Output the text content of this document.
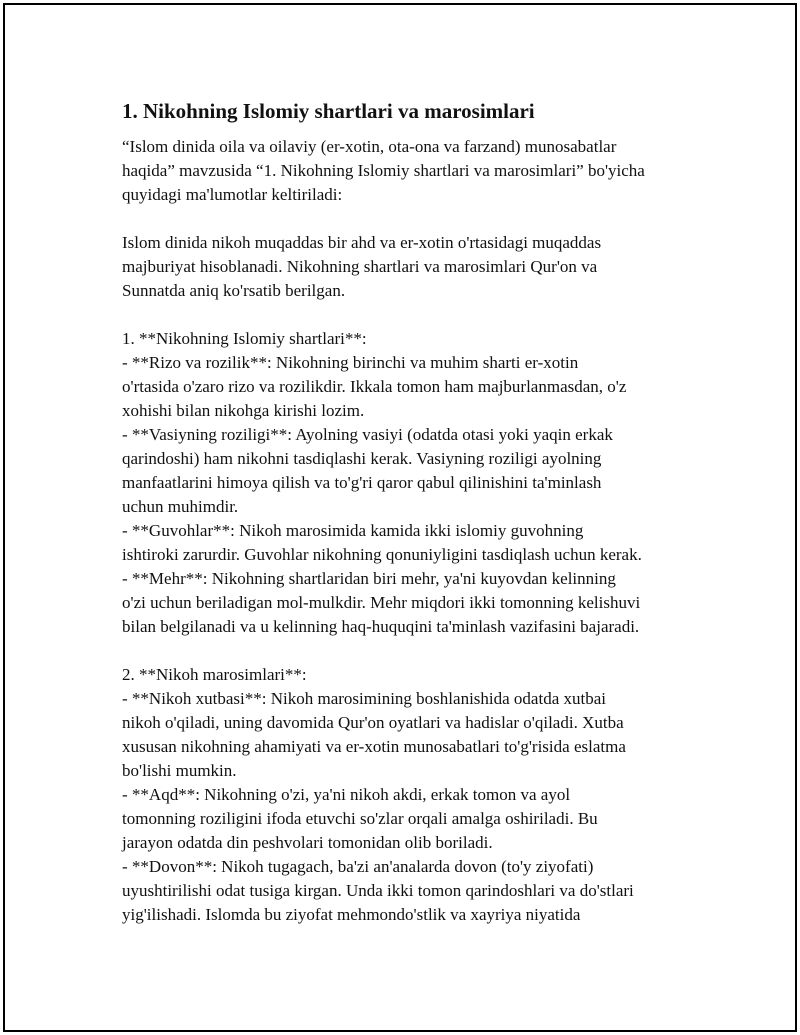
1. Nikohning Islomiy shartlari va marosimlari

“Islom dinida oila va oilaviy (er-xotin, ota-ona va farzand) munosabatlar
haqida” mavzusida “1. Nikohning Islomiy shartlari va marosimlari” bo'yicha
quyidagi ma'lumotlar keltiriladi:

Islom dinida nikoh muqaddas bir ahd va er-xotin o'rtasidagi muqaddas
majburiyat hisoblanadi. Nikohning shartlari va marosimlari Qur'on va
Sunnatda aniq ko'rsatib berilgan.

1. **Nikohning Islomiy shartlari**:
- **Rizo va rozilik**: Nikohning birinchi va muhim sharti er-xotin
o'rtasida o'zaro rizo va rozilikdir. Ikkala tomon ham majburlanmasdan, o'z
xohishi bilan nikohga kirishi lozim.
- **Vasiyning roziligi**: Ayolning vasiyi (odatda otasi yoki yaqin erkak
qarindoshi) ham nikohni tasdiqlashi kerak. Vasiyning roziligi ayolning
manfaatlarini himoya qilish va to'g'ri qaror qabul qilinishini ta'minlash
uchun muhimdir.
- **Guvohlar**: Nikoh marosimida kamida ikki islomiy guvohning
ishtiroki zarurdir. Guvohlar nikohning qonuniyligini tasdiqlash uchun kerak.
- **Mehr**: Nikohning shartlaridan biri mehr, ya'ni kuyovdan kelinning
o'zi uchun beriladigan mol-mulkdir. Mehr miqdori ikki tomonning kelishuvi
bilan belgilanadi va u kelinning haq-huquqini ta'minlash vazifasini bajaradi.

2. **Nikoh marosimlari**:
- **Nikoh xutbasi**: Nikoh marosimining boshlanishida odatda xutbai
nikoh o'qiladi, uning davomida Qur'on oyatlari va hadislar o'qiladi. Xutba
xususan nikohning ahamiyati va er-xotin munosabatlari to'g'risida eslatma
bo'lishi mumkin.
- **Aqd**: Nikohning o'zi, ya'ni nikoh akdi, erkak tomon va ayol
tomonning roziligini ifoda etuvchi so'zlar orqali amalga oshiriladi. Bu
jarayon odatda din peshvolari tomonidan olib boriladi.
- **Dovon**: Nikoh tugagach, ba'zi an'analarda dovon (to'y ziyofati)
uyushtirilishi odat tusiga kirgan. Unda ikki tomon qarindoshlari va do'stlari
yig'ilishadi. Islomda bu ziyofat mehmondo'stlik va xayriya niyatida
